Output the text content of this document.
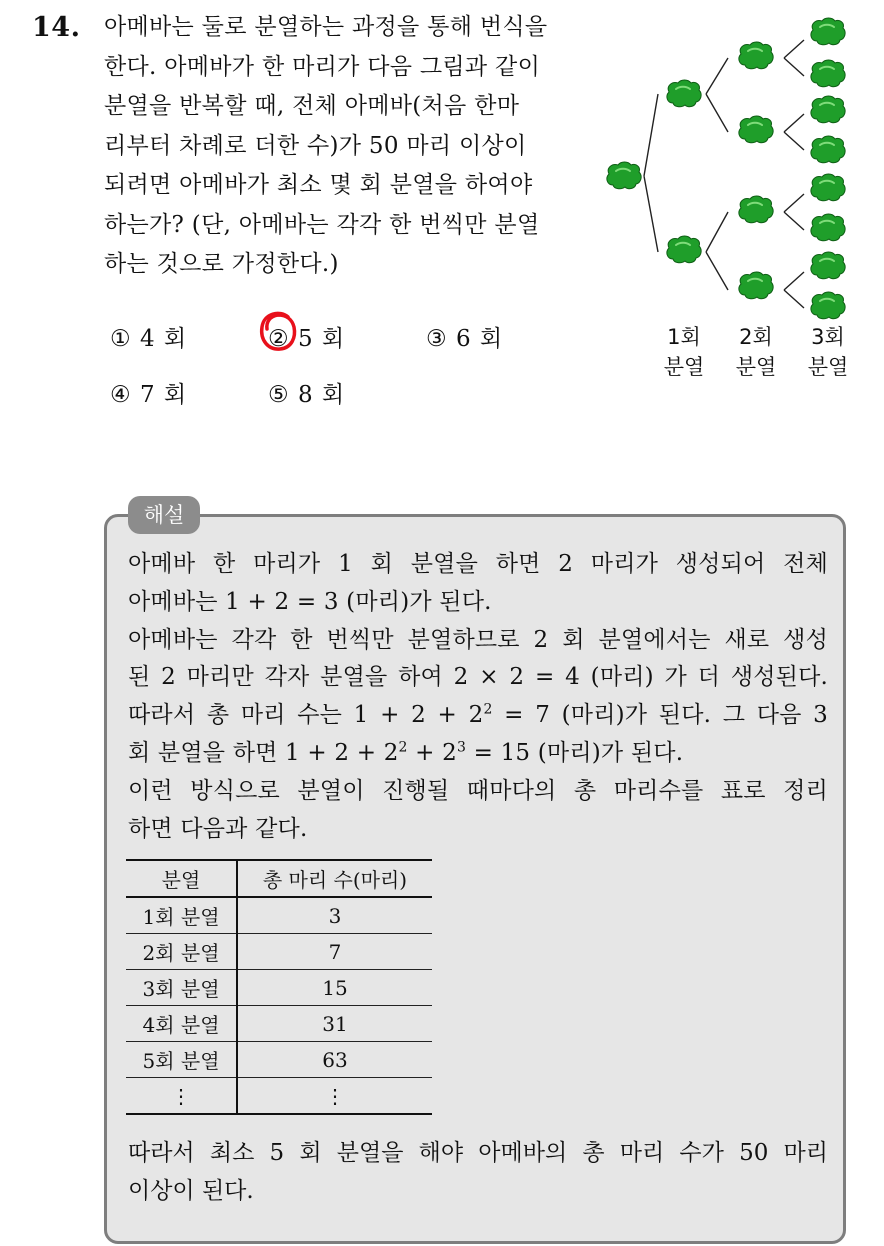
14. 아메바는 둘로 분열하는 과정을 통해 번식을
한다. 아메바가 한 마리가 다음 그림과 같이
분열을 반복할 때, 전체 아메바(처음 한마
리부터 차례로 더한 수)가 50 마리 이상이
되려면 아메바가 최소 몇 회 분열을 하여야
하는가? (단, 아메바는 각각 한 번씩만 분열
하는 것으로 가정한다.)
① 4 회	② 5 회	③ 6 회
④ 7 회	⑤ 8 회
1회
분열
2회
분열
3회
분열
해설
아메바 한 마리가 1 회 분열을 하면 2 마리가 생성되어 전체
아메바는 1 + 2 = 3 (마리)가 된다.
아메바는 각각 한 번씩만 분열하므로 2 회 분열에서는 새로 생성
된 2 마리만 각자 분열을 하여 2 × 2 = 4 (마리) 가 더 생성된다.
따라서 총 마리 수는 $1 + 2 + 2^2 = 7$ (마리)가 된다. 그 다음 3
회 분열을 하면 $1 + 2 + 2^2 + 2^3 = 15$ (마리)가 된다.
이런 방식으로 분열이 진행될 때마다의 총 마리수를 표로 정리
하면 다음과 같다.
분열	총 마리 수(마리)
1회 분열	3
2회 분열	7
3회 분열	15
4회 분열	31
5회 분열	63
⋮	⋮
따라서 최소 5 회 분열을 해야 아메바의 총 마리 수가 50 마리
이상이 된다.
